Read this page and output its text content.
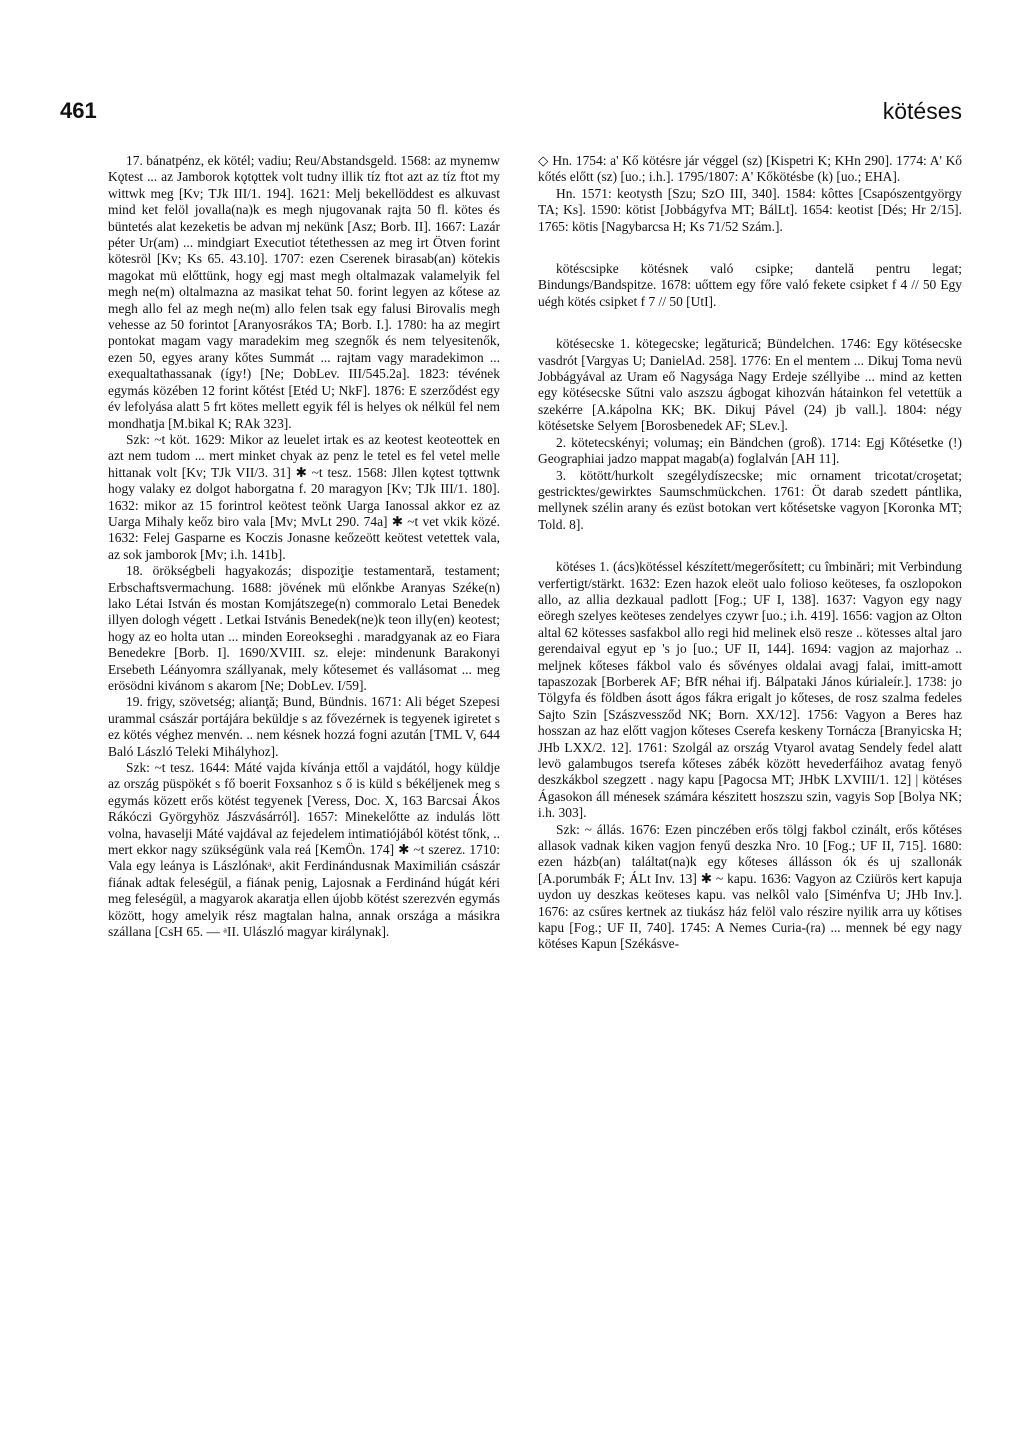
461	kötéses

17. bánatpénz, ek kötél; vadiu; Reu/Abstandsgeld. 1568: az mynemw Kǫtest ... az Jamborok kǫtǫttek volt tudny illik tíz ftot azt az tíz ftot my wittwk meg [Kv; TJk III/1. 194]. 1621: Melj bekellöddest es alkuvast mind ket felöl jovalla(na)k es megh njugovanak rajta 50 fl. kötes és büntetés alat kezeketis be advan mj nekünk [Asz; Borb. II]. 1667: Lazár péter Ur(am) ... mindgiart Executiot tétethessen az meg irt Ötven forint kötesröl [Kv; Ks 65. 43.10]. 1707: ezen Cserenek birasab(an) kötekis magokat mü előttünk, hogy egj mast megh oltalmazak valamelyik fel megh ne(m) oltalmazna az masikat tehat 50. forint legyen az kőtese az megh allo fel az megh ne(m) allo felen tsak egy falusi Birovalis megh vehesse az 50 forintot [Aranyosrákos TA; Borb. I.]. 1780: ha az megirt pontokat magam vagy maradekim meg szegnők és nem telyesitenők, ezen 50, egyes arany kőtes Summát ... rajtam vagy maradekimon ... exequaltathassanak (így!) [Ne; DobLev. III/545.2a]. 1823: tévének egymás közében 12 forint kőtést [Etéd U; NkF]. 1876: E szerződést egy év lefolyása alatt 5 frt kötes mellett egyik fél is helyes ok nélkül fel nem mondhatja [M.bikal K; RAk 323].

Szk: ~t köt. 1629: Mikor az leuelet irtak es az keotest keoteottek en azt nem tudom ... mert minket chyak az penz le tetel es fel vetel melle hittanak volt [Kv; TJk VII/3. 31] ✱ ~t tesz. 1568: Jllen kǫtest tǫttwnk hogy valaky ez dolgot haborgatna f. 20 maragyon [Kv; TJk III/1. 180]. 1632: mikor az 15 forintrol keötest teönk Uarga Ianossal akkor ez az Uarga Mihaly keőz biro vala [Mv; MvLt 290. 74a] ✱ ~t vet vkik közé. 1632: Felej Gasparne es Koczis Jonasne keőzeött keötest vetettek vala, az sok jamborok [Mv; i.h. 141b].

18. örökségbeli hagyakozás; dispoziţie testamentară, testament; Erbschaftsvermachung. 1688: jövének mü előnkbe Aranyas Széke(n) lako Létai István és mostan Komjátszege(n) commoralo Letai Benedek illyen dologh végett . Letkai Istvánis Benedek(ne)k teon illy(en) keotest; hogy az eo holta utan ... minden Eoreokseghi . maradgyanak az eo Fiara Benedekre [Borb. I]. 1690/XVIII. sz. eleje: mindenunk Barakonyi Ersebeth Léányomra szállyanak, mely kőtesemet és vallásomat ... meg erösödni kivánom s akarom [Ne; DobLev. I/59].

19. frigy, szövetség; alianţă; Bund, Bündnis. 1671: Ali béget Szepesi urammal császár portájára beküldje s az fővezérnek is tegyenek igiretet s ez kötés véghez menvén. .. nem késnek hozzá fogni azután [TML V, 644 Baló László Teleki Mihályhoz].

Szk: ~t tesz. 1644: Máté vajda kívánja ettől a vajdától, hogy küldje az ország püspökét s fő boerit Foxsanhoz s ő is küld s békéljenek meg s egymás közett erős kötést tegyenek [Veress, Doc. X, 163 Barcsai Ákos Rákóczi Györgyhöz Jászvásárról]. 1657: Minekelőtte az indulás lött volna, havaselji Máté vajdával az fejedelem intimatiójából kötést tőnk, .. mert ekkor nagy szükségünk vala reá [KemÖn. 174] ✱ ~t szerez. 1710: Vala egy leánya is Lászlónakᵃ, akit Ferdinándusnak Maximilián császár fiának adtak feleségül, a fiának penig, Lajosnak a Ferdinánd húgát kéri meg feleségül, a magyarok akaratja ellen újobb kötést szerezvén egymás között, hogy amelyik rész magtalan halna, annak országa a másikra szállana [CsH 65. — ᵃII. Ulászló magyar királynak].

◇ Hn. 1754: a' Kő kötésre jár véggel (sz) [Kispetri K; KHn 290]. 1774: A' Kő kőtés előtt (sz) [uo.; i.h.]. 1795/1807: A' Kőkötésbe (k) [uo.; EHA].

Hn. 1571: keotysth [Szu; SzO III, 340]. 1584: kôttes [Csapószentgyörgy TA; Ks]. 1590: kötist [Jobbágyfva MT; BálLt]. 1654: keotist [Dés; Hr 2/15]. 1765: kötis [Nagybarcsa H; Ks 71/52 Szám.].

kötéscsipke kötésnek való csipke; dantelă pentru legat; Bindungs/Bandspitze. 1678: uőttem egy főre való fekete csipket f 4 // 50 Egy uégh kötés csipket f 7 // 50 [UtI].

kötésecske 1. kötegecske; legăturică; Bündelchen. 1746: Egy kötésecske vasdrót [Vargyas U; DanielAd. 258]. 1776: En el mentem ... Dikuj Toma nevü Jobbágyával az Uram eő Nagysága Nagy Erdeje széllyibe ... mind az ketten egy kötésecske Sűtni valo aszszu ágbogat kihozván hátainkon fel vetettük a szekérre [A.kápolna KK; BK. Dikuj Pável (24) jb vall.]. 1804: négy kötésetske Selyem [Borosbenedek AF; SLev.].

2. kötetecskényi; volumaş; ein Bändchen (groß). 1714: Egj Kőtésetke (!) Geographiai jadzo mappat magab(a) foglalván [AH 11].

3. kötött/hurkolt szegélydíszecske; mic ornament tricotat/croşetat; gestricktes/gewirktes Saumschmückchen. 1761: Öt darab szedett pántlika, mellynek szélin arany és ezüst botokan vert kőtésetske vagyon [Koronka MT; Told. 8].

kötéses 1. (ács)kötéssel készített/megerősített; cu îmbinări; mit Verbindung verfertigt/stärkt. 1632: Ezen hazok eleöt ualo folioso keöteses, fa oszlopokon allo, az allia dezkaual padlott [Fog.; UF I, 138]. 1637: Vagyon egy nagy eöregh szelyes keöteses zendelyes czywr [uo.; i.h. 419]. 1656: vagjon az Olton altal 62 kötesses sasfakbol allo regi hid melinek elsö resze .. kötesses altal jaro gerendaival egyut ep 's jo [uo.; UF II, 144]. 1694: vagjon az majorhaz .. meljnek kőteses fákbol valo és sővényes oldalai avagj falai, imitt-amott tapaszozak [Borberek AF; BfR néhai ifj. Bálpataki János kúrialeír.]. 1738: jo Tölgyfa és földben ásott ágos fákra erigalt jo kőteses, de rosz szalma fedeles Sajto Szin [Szászvessződ NK; Born. XX/12]. 1756: Vagyon a Beres haz hosszan az haz előtt vagjon kőteses Cserefa keskeny Tornácza [Branyicska H; JHb LXX/2. 12]. 1761: Szolgál az ország Vtyarol avatag Sendely fedel alatt levö galambugos tserefa kőteses zábék között hevederfáihoz avatag fenyö deszkákbol szegzett . nagy kapu [Pagocsa MT; JHbK LXVIII/1. 12] | kötéses Ágasokon áll ménesek számára készitett hoszszu szin, vagyis Sop [Bolya NK; i.h. 303].

Szk: ~ állás. 1676: Ezen pinczében erős tölgj fakbol czinált, erős kőtéses allasok vadnak kiken vagjon fenyű deszka Nro. 10 [Fog.; UF II, 715]. 1680: ezen házb(an) találtat(na)k egy kőteses állásson ók és uj szallonák [A.porumbák F; ÁLt Inv. 13] ✱ ~ kapu. 1636: Vagyon az Cziürös kert kapuja uydon uy deszkas keöteses kapu. vas nelkôl valo [Siménfva U; JHb Inv.]. 1676: az csűres kertnek az tiukász ház felöl valo részire nyilik arra uy kőtises kapu [Fog.; UF II, 740]. 1745: A Nemes Curia-(ra) ... mennek bé egy nagy kötéses Kapun [Székásve-
